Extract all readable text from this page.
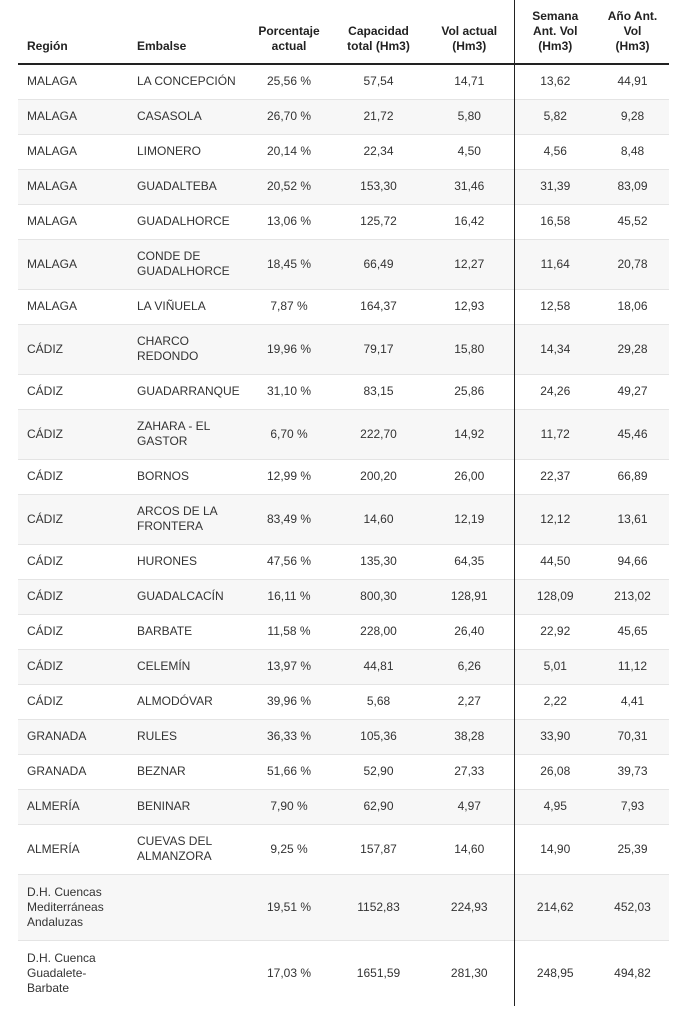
Región	Embalse	Porcentaje actual	Capacidad total (Hm3)	Vol actual (Hm3)	Semana Ant. Vol (Hm3)	Año Ant. Vol (Hm3)
MALAGA	LA CONCEPCIÓN	25,56 %	57,54	14,71	13,62	44,91
MALAGA	CASASOLA	26,70 %	21,72	5,80	5,82	9,28
MALAGA	LIMONERO	20,14 %	22,34	4,50	4,56	8,48
MALAGA	GUADALTEBA	20,52 %	153,30	31,46	31,39	83,09
MALAGA	GUADALHORCE	13,06 %	125,72	16,42	16,58	45,52
MALAGA	CONDE DE GUADALHORCE	18,45 %	66,49	12,27	11,64	20,78
MALAGA	LA VIÑUELA	7,87 %	164,37	12,93	12,58	18,06
CÁDIZ	CHARCO REDONDO	19,96 %	79,17	15,80	14,34	29,28
CÁDIZ	GUADARRANQUE	31,10 %	83,15	25,86	24,26	49,27
CÁDIZ	ZAHARA - EL GASTOR	6,70 %	222,70	14,92	11,72	45,46
CÁDIZ	BORNOS	12,99 %	200,20	26,00	22,37	66,89
CÁDIZ	ARCOS DE LA FRONTERA	83,49 %	14,60	12,19	12,12	13,61
CÁDIZ	HURONES	47,56 %	135,30	64,35	44,50	94,66
CÁDIZ	GUADALCACÍN	16,11 %	800,30	128,91	128,09	213,02
CÁDIZ	BARBATE	11,58 %	228,00	26,40	22,92	45,65
CÁDIZ	CELEMÍN	13,97 %	44,81	6,26	5,01	11,12
CÁDIZ	ALMODÓVAR	39,96 %	5,68	2,27	2,22	4,41
GRANADA	RULES	36,33 %	105,36	38,28	33,90	70,31
GRANADA	BEZNAR	51,66 %	52,90	27,33	26,08	39,73
ALMERÍA	BENINAR	7,90 %	62,90	4,97	4,95	7,93
ALMERÍA	CUEVAS DEL ALMANZORA	9,25 %	157,87	14,60	14,90	25,39
D.H. Cuencas Mediterráneas Andaluzas		19,51 %	1152,83	224,93	214,62	452,03
D.H. Cuenca Guadalete-Barbate		17,03 %	1651,59	281,30	248,95	494,82
